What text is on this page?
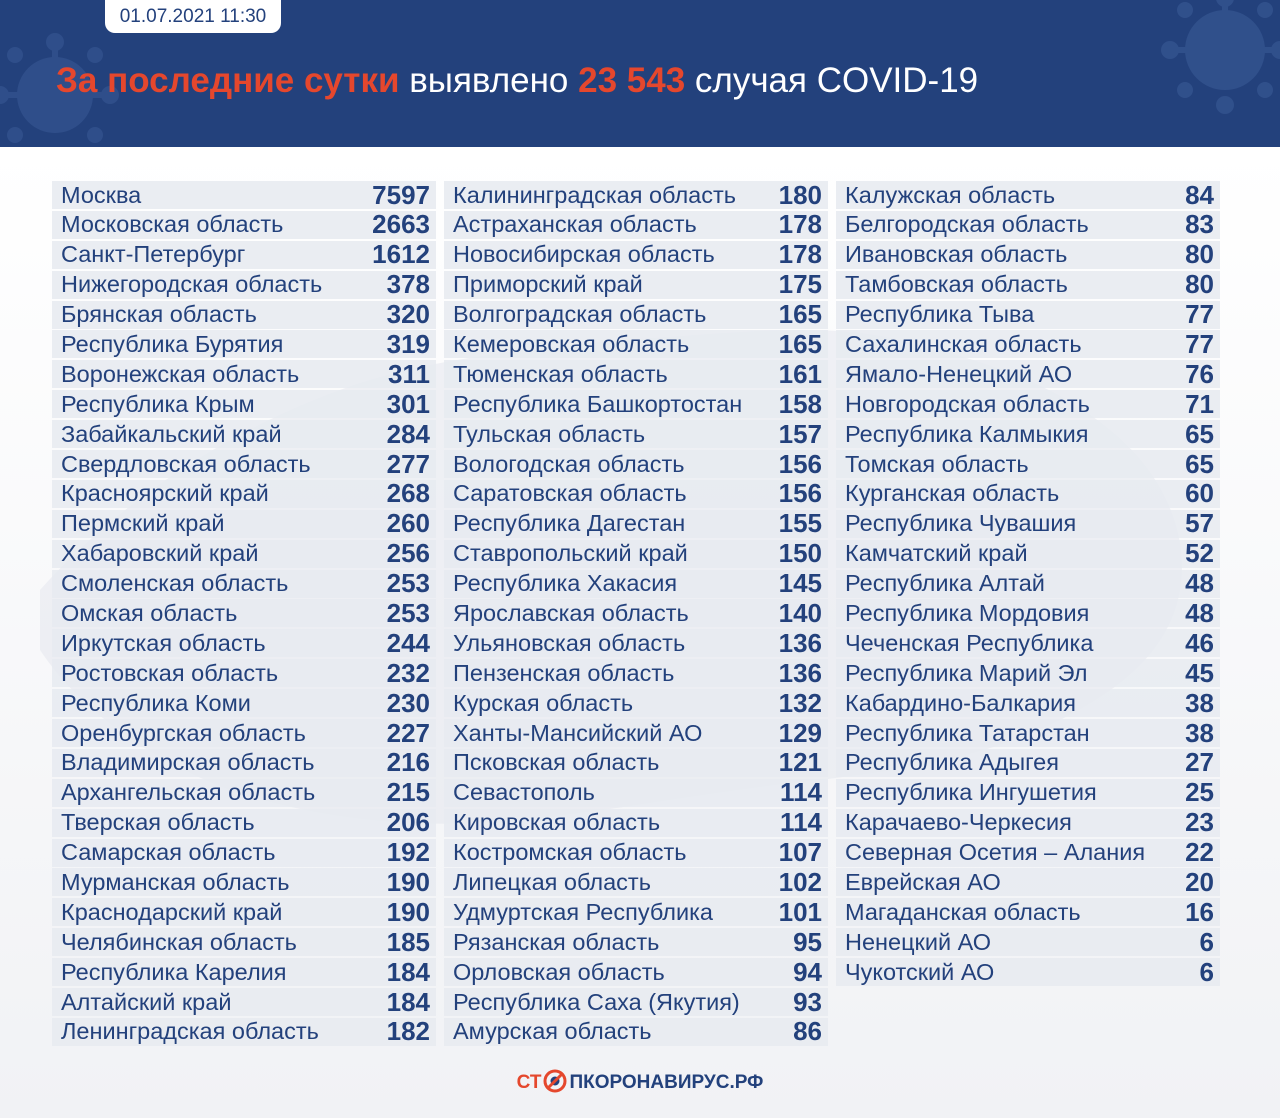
01.07.2021 11:30
За последние сутки выявлено 23 543 случая COVID-19
Москва	7597
Московская область	2663
Санкт-Петербург	1612
Нижегородская область 378
Брянская область	320
Республика Бурятия	319
Воронежская область	311
Республика Крым	301
Забайкальский край	284
Свердловская область	277
Красноярский край	268
Пермский край	260
Хабаровский край	256
Смоленская область	253
Омская область	253
Иркутская область	244
Ростовская область	232
Республика Коми	230
Оренбургская область	227
Владимирская область	216
Архангельская область	215
Тверская область	206
Самарская область	192
Мурманская область	190
Краснодарский край	190
Челябинская область	185
Республика Карелия	184
Алтайский край	184
Ленинградская область	182
Калининградская область 180
Астраханская область	178
Новосибирская область 178
Приморский край	175
Волгоградская область	165
Кемеровская область	165
Тюменская область	161
Республика Башкортостан 158
Тульская область	157
Вологодская область	156
Саратовская область	156
Республика Дагестан	155
Ставропольский край	150
Республика Хакасия	145
Ярославская область	140
Ульяновская область	136
Пензенская область	136
Курская область	132
Ханты-Мансийский АО	129
Псковская область	121
Севастополь	114
Кировская область	114
Костромская область	107
Липецкая область	102
Удмуртская Республика	101
Рязанская область	95
Орловская область	94
Республика Саха (Якутия) 93
Амурская область	86
Калужская область	84
Белгородская область	83
Ивановская область	80
Тамбовская область	80
Республика Тыва	77
Сахалинская область	77
Ямало-Ненецкий АО	76
Новгородская область	71
Республика Калмыкия	65
Томская область	65
Курганская область	60
Республика Чувашия	57
Камчатский край	52
Республика Алтай	48
Республика Мордовия	48
Чеченская Республика	46
Республика Марий Эл	45
Кабардино-Балкария	38
Республика Татарстан	38
Республика Адыгея	27
Республика Ингушетия	25
Карачаево-Черкесия	23
Северная Осетия – Алания 22
Еврейская АО	20
Магаданская область	16
Ненецкий АО	6
Чукотский АО	6
СТ ПКОРОНАВИРУС.РФ
